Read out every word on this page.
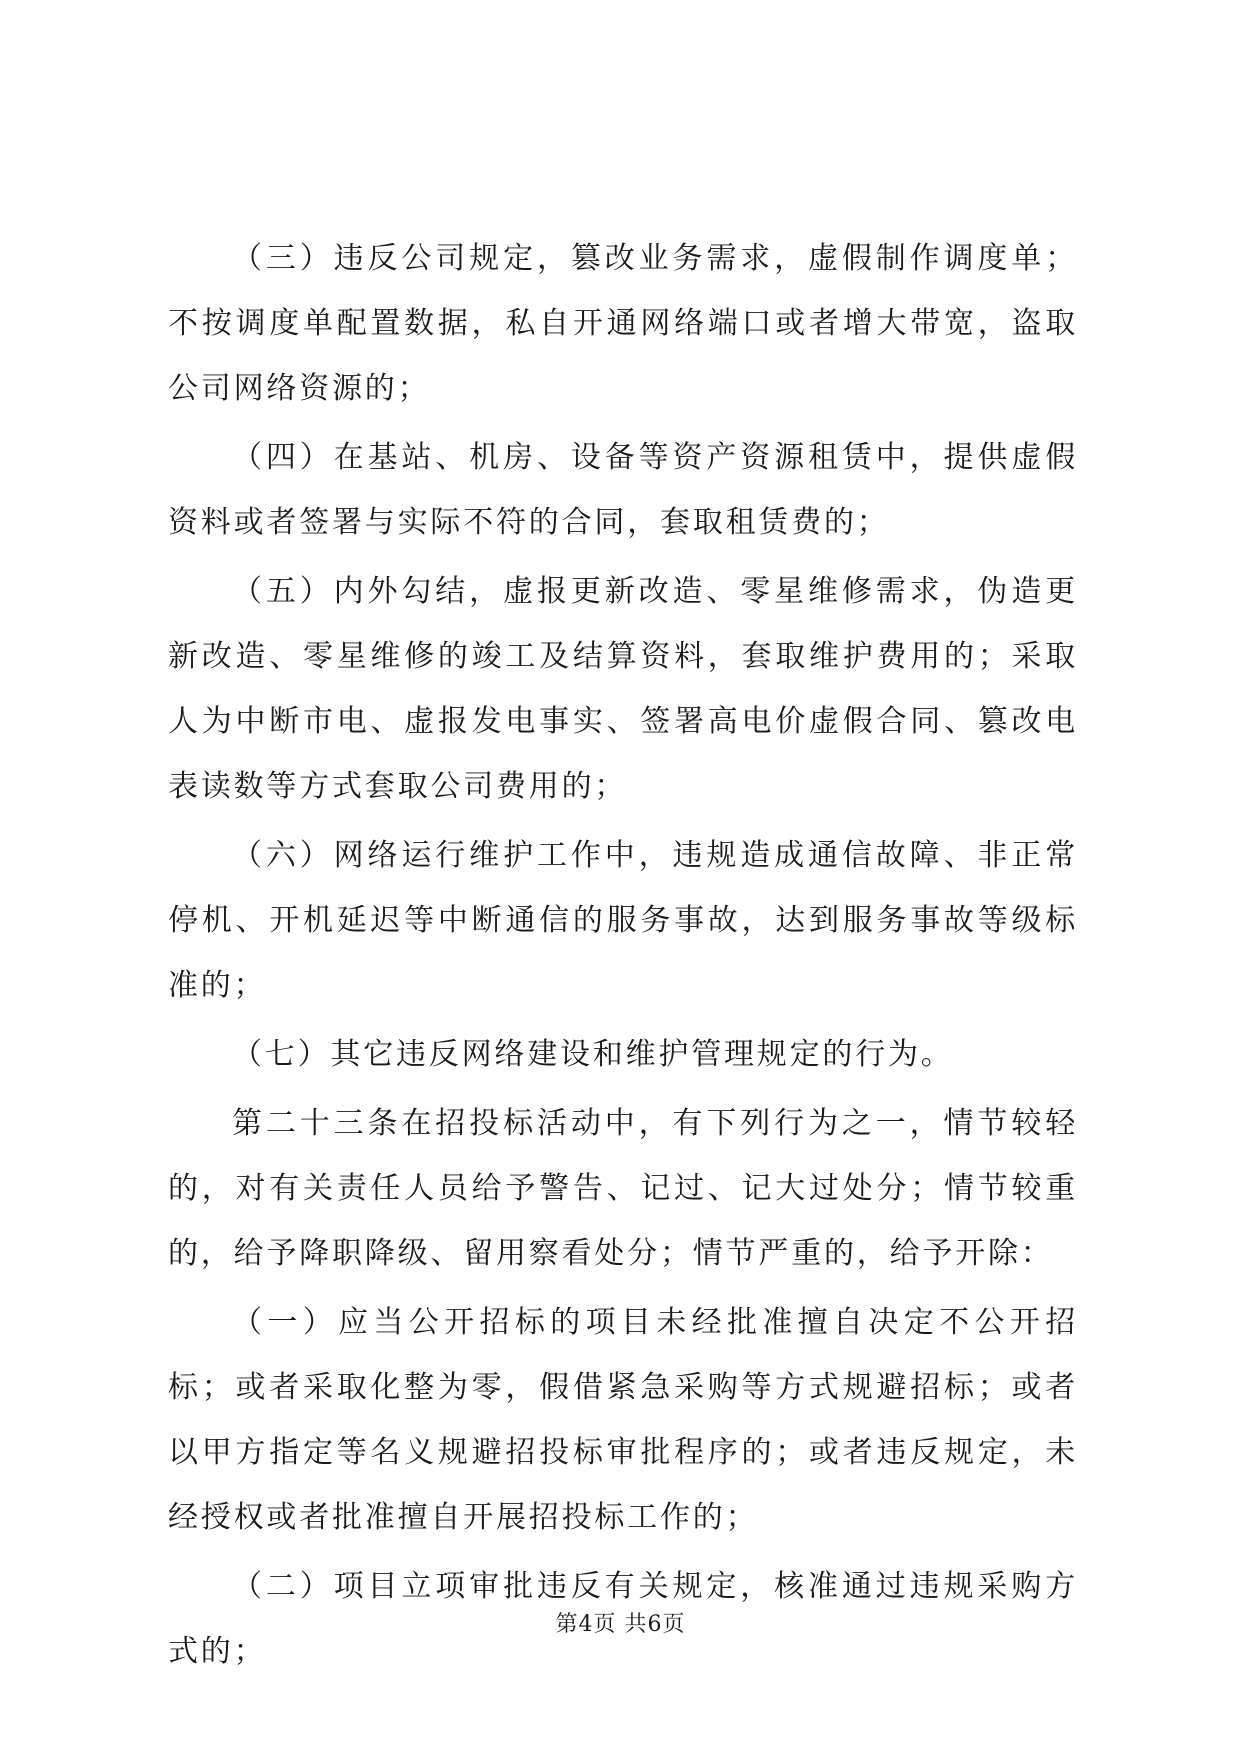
（三）违反公司规定，篡改业务需求，虚假制作调度单；不按调度单配置数据，私自开通网络端口或者增大带宽，盗取公司网络资源的；

（四）在基站、机房、设备等资产资源租赁中，提供虚假资料或者签署与实际不符的合同，套取租赁费的；

（五）内外勾结，虚报更新改造、零星维修需求，伪造更新改造、零星维修的竣工及结算资料，套取维护费用的；采取人为中断市电、虚报发电事实、签署高电价虚假合同、篡改电表读数等方式套取公司费用的；

（六）网络运行维护工作中，违规造成通信故障、非正常停机、开机延迟等中断通信的服务事故，达到服务事故等级标准的；

（七）其它违反网络建设和维护管理规定的行为。

第二十三条在招投标活动中，有下列行为之一，情节较轻的，对有关责任人员给予警告、记过、记大过处分；情节较重的，给予降职降级、留用察看处分；情节严重的，给予开除：

（一）应当公开招标的项目未经批准擅自决定不公开招标；或者采取化整为零，假借紧急采购等方式规避招标；或者以甲方指定等名义规避招投标审批程序的；或者违反规定，未经授权或者批准擅自开展招投标工作的；

（二）项目立项审批违反有关规定，核准通过违规采购方式的；

第4页 共6页
